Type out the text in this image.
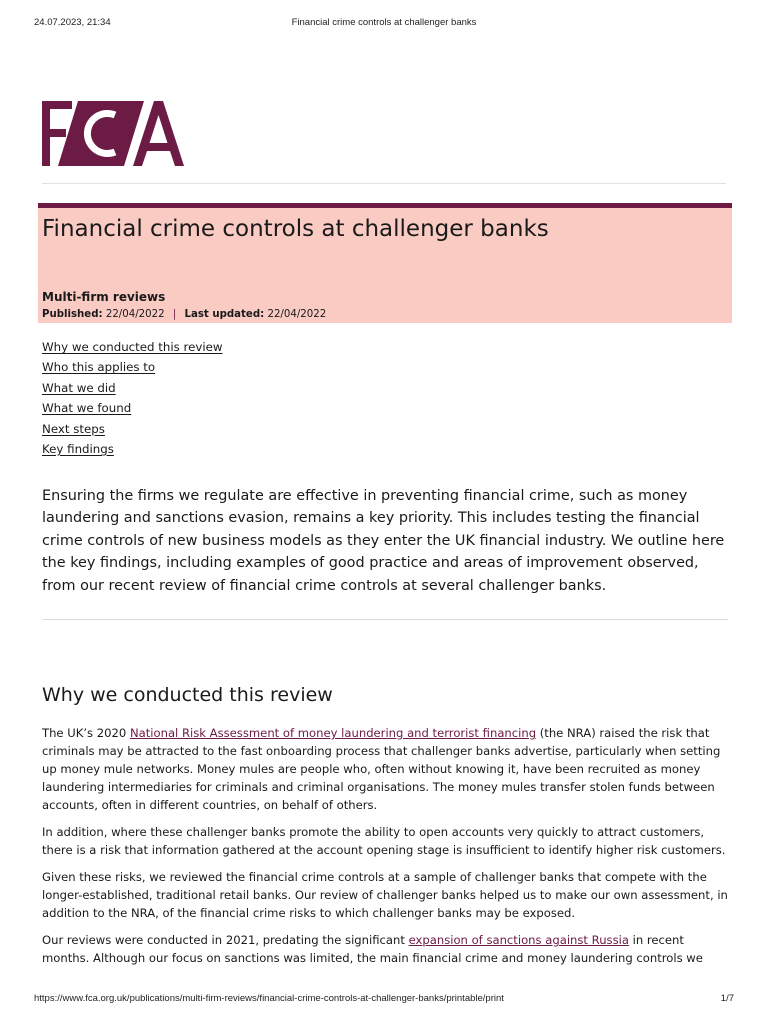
24.07.2023, 21:34	Financial crime controls at challenger banks
Financial crime controls at challenger banks
Multi-firm reviews
Published: 22/04/2022 | Last updated: 22/04/2022
Why we conducted this review
Who this applies to
What we did
What we found
Next steps
Key findings

Ensuring the firms we regulate are effective in preventing financial crime, such as money laundering and sanctions evasion, remains a key priority. This includes testing the financial crime controls of new business models as they enter the UK financial industry. We outline here the key findings, including examples of good practice and areas of improvement observed, from our recent review of financial crime controls at several challenger banks.

Why we conducted this review

The UK’s 2020 National Risk Assessment of money laundering and terrorist financing (the NRA) raised the risk that criminals may be attracted to the fast onboarding process that challenger banks advertise, particularly when setting up money mule networks. Money mules are people who, often without knowing it, have been recruited as money laundering intermediaries for criminals and criminal organisations. The money mules transfer stolen funds between accounts, often in different countries, on behalf of others.

In addition, where these challenger banks promote the ability to open accounts very quickly to attract customers, there is a risk that information gathered at the account opening stage is insufficient to identify higher risk customers.

Given these risks, we reviewed the financial crime controls at a sample of challenger banks that compete with the longer-established, traditional retail banks. Our review of challenger banks helped us to make our own assessment, in addition to the NRA, of the financial crime risks to which challenger banks may be exposed.

Our reviews were conducted in 2021, predating the significant expansion of sanctions against Russia in recent months. Although our focus on sanctions was limited, the main financial crime and money laundering controls we

https://www.fca.org.uk/publications/multi-firm-reviews/financial-crime-controls-at-challenger-banks/printable/print	1/7
